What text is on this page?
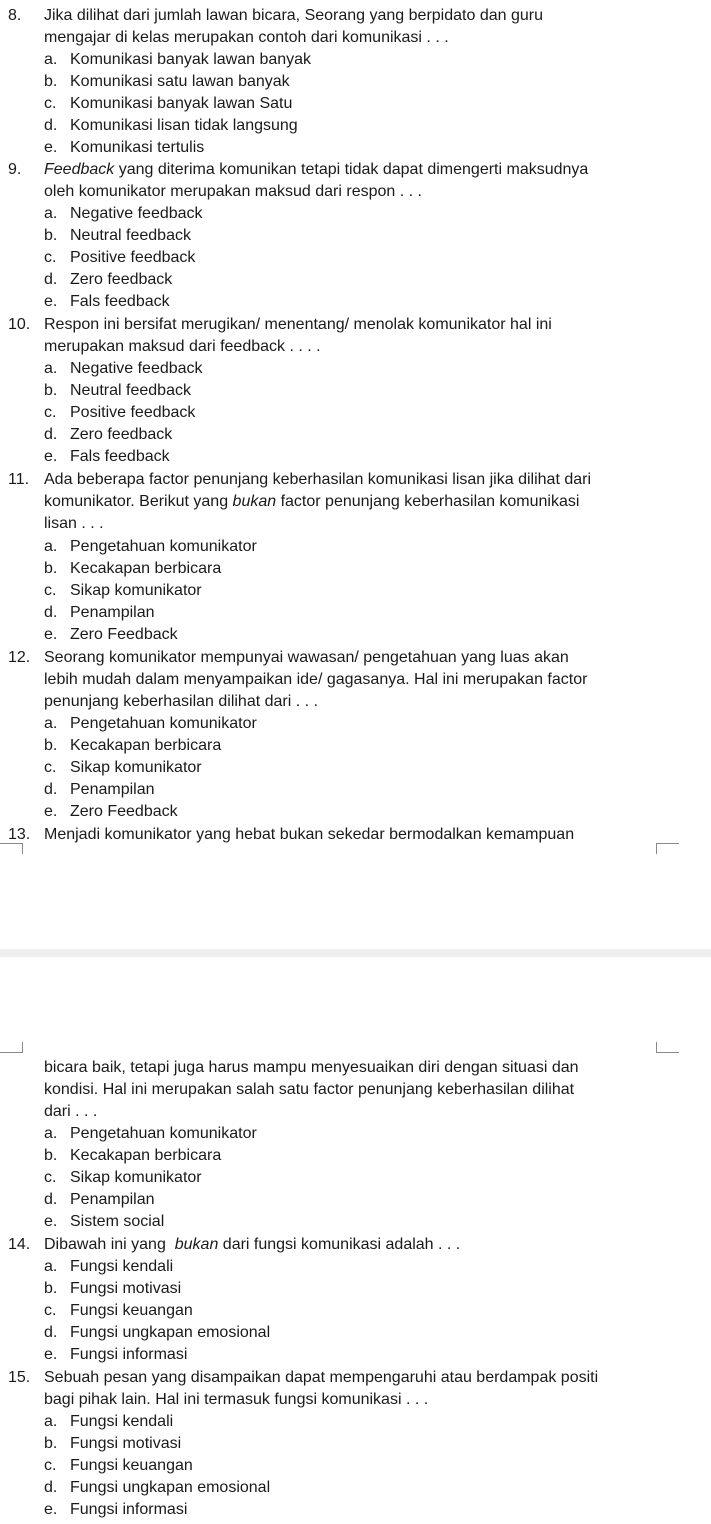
8. Jika dilihat dari jumlah lawan bicara, Seorang yang berpidato dan guru
mengajar di kelas merupakan contoh dari komunikasi . . .
a. Komunikasi banyak lawan banyak
b. Komunikasi satu lawan banyak
c. Komunikasi banyak lawan Satu
d. Komunikasi lisan tidak langsung
e. Komunikasi tertulis
9. Feedback yang diterima komunikan tetapi tidak dapat dimengerti maksudnya
oleh komunikator merupakan maksud dari respon . . .
a. Negative feedback
b. Neutral feedback
c. Positive feedback
d. Zero feedback
e. Fals feedback
10. Respon ini bersifat merugikan/ menentang/ menolak komunikator hal ini
merupakan maksud dari feedback . . . .
a. Negative feedback
b. Neutral feedback
c. Positive feedback
d. Zero feedback
e. Fals feedback
11. Ada beberapa factor penunjang keberhasilan komunikasi lisan jika dilihat dari
komunikator. Berikut yang bukan factor penunjang keberhasilan komunikasi
lisan . . .
a. Pengetahuan komunikator
b. Kecakapan berbicara
c. Sikap komunikator
d. Penampilan
e. Zero Feedback
12. Seorang komunikator mempunyai wawasan/ pengetahuan yang luas akan
lebih mudah dalam menyampaikan ide/ gagasanya. Hal ini merupakan factor
penunjang keberhasilan dilihat dari . . .
a. Pengetahuan komunikator
b. Kecakapan berbicara
c. Sikap komunikator
d. Penampilan
e. Zero Feedback
13. Menjadi komunikator yang hebat bukan sekedar bermodalkan kemampuan
bicara baik, tetapi juga harus mampu menyesuaikan diri dengan situasi dan
kondisi. Hal ini merupakan salah satu factor penunjang keberhasilan dilihat
dari . . .
a. Pengetahuan komunikator
b. Kecakapan berbicara
c. Sikap komunikator
d. Penampilan
e. Sistem social
14. Dibawah ini yang  bukan dari fungsi komunikasi adalah . . .
a. Fungsi kendali
b. Fungsi motivasi
c. Fungsi keuangan
d. Fungsi ungkapan emosional
e. Fungsi informasi
15. Sebuah pesan yang disampaikan dapat mempengaruhi atau berdampak positi
bagi pihak lain. Hal ini termasuk fungsi komunikasi . . .
a. Fungsi kendali
b. Fungsi motivasi
c. Fungsi keuangan
d. Fungsi ungkapan emosional
e. Fungsi informasi
